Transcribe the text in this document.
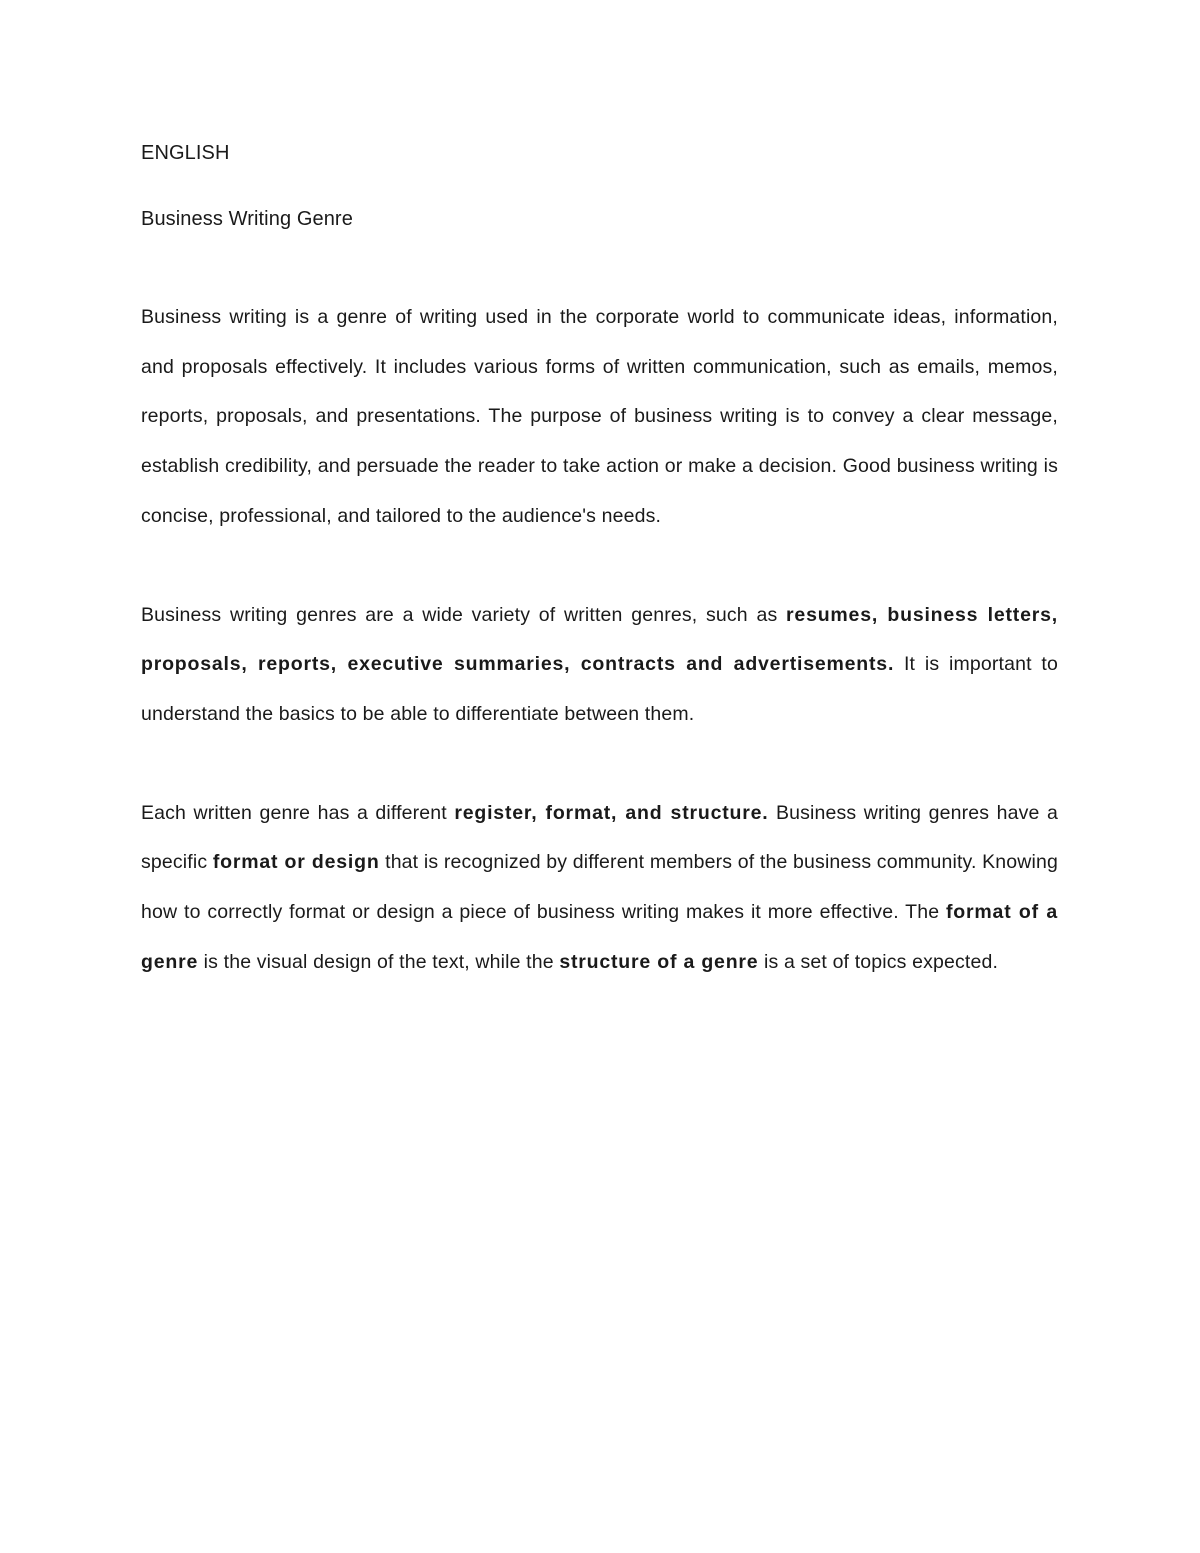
ENGLISH

Business Writing Genre

Business writing is a genre of writing used in the corporate world to communicate ideas, information, and proposals effectively. It includes various forms of written communication, such as emails, memos, reports, proposals, and presentations. The purpose of business writing is to convey a clear message, establish credibility, and persuade the reader to take action or make a decision. Good business writing is concise, professional, and tailored to the audience's needs.

Business writing genres are a wide variety of written genres, such as resumes, business letters, proposals, reports, executive summaries, contracts and advertisements. It is important to understand the basics to be able to differentiate between them.

Each written genre has a different register, format, and structure. Business writing genres have a specific format or design that is recognized by different members of the business community. Knowing how to correctly format or design a piece of business writing makes it more effective. The format of a genre is the visual design of the text, while the structure of a genre is a set of topics expected.
